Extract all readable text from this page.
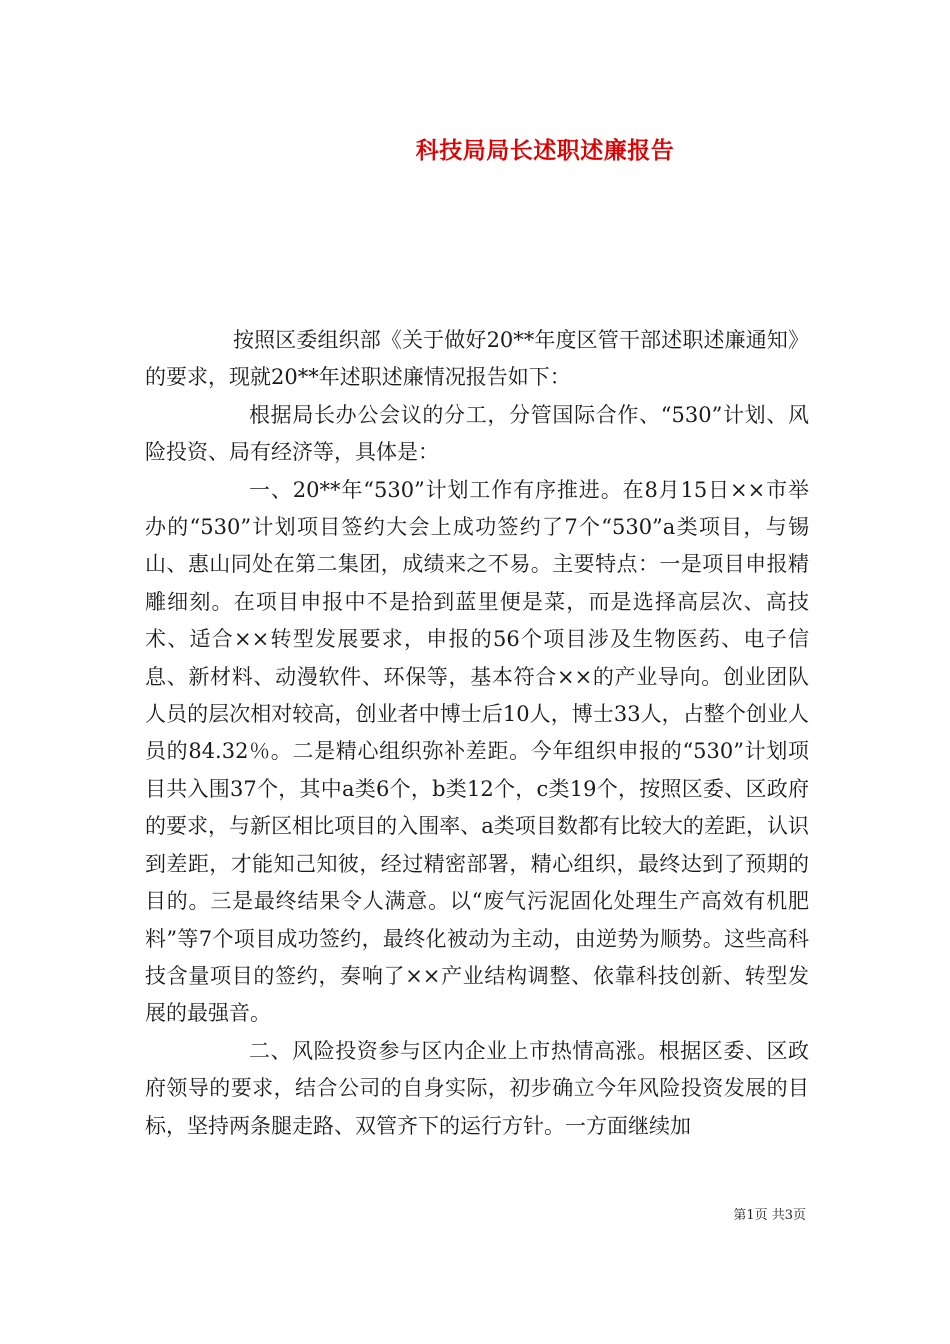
科技局局长述职述廉报告

按照区委组织部《关于做好20**年度区管干部述职述廉通知》的要求，现就20**年述职述廉情况报告如下：

根据局长办公会议的分工，分管国际合作、“530”计划、风险投资、局有经济等，具体是：

一、20**年“530”计划工作有序推进。在8月15日××市举办的“530”计划项目签约大会上成功签约了7个“530”a类项目，与锡山、惠山同处在第二集团，成绩来之不易。主要特点：一是项目申报精雕细刻。在项目申报中不是拾到蓝里便是菜，而是选择高层次、高技术、适合××转型发展要求，申报的56个项目涉及生物医药、电子信息、新材料、动漫软件、环保等，基本符合××的产业导向。创业团队人员的层次相对较高，创业者中博士后10人，博士33人，占整个创业人员的84.32％。二是精心组织弥补差距。今年组织申报的“530”计划项目共入围37个，其中a类6个，b类12个，c类19个，按照区委、区政府的要求，与新区相比项目的入围率、a类项目数都有比较大的差距，认识到差距，才能知己知彼，经过精密部署，精心组织，最终达到了预期的目的。三是最终结果令人满意。以“废气污泥固化处理生产高效有机肥料”等7个项目成功签约，最终化被动为主动，由逆势为顺势。这些高科技含量项目的签约，奏响了××产业结构调整、依靠科技创新、转型发展的最强音。

二、风险投资参与区内企业上市热情高涨。根据区委、区政府领导的要求，结合公司的自身实际，初步确立今年风险投资发展的目标，坚持两条腿走路、双管齐下的运行方针。一方面继续加

第1页 共3页
